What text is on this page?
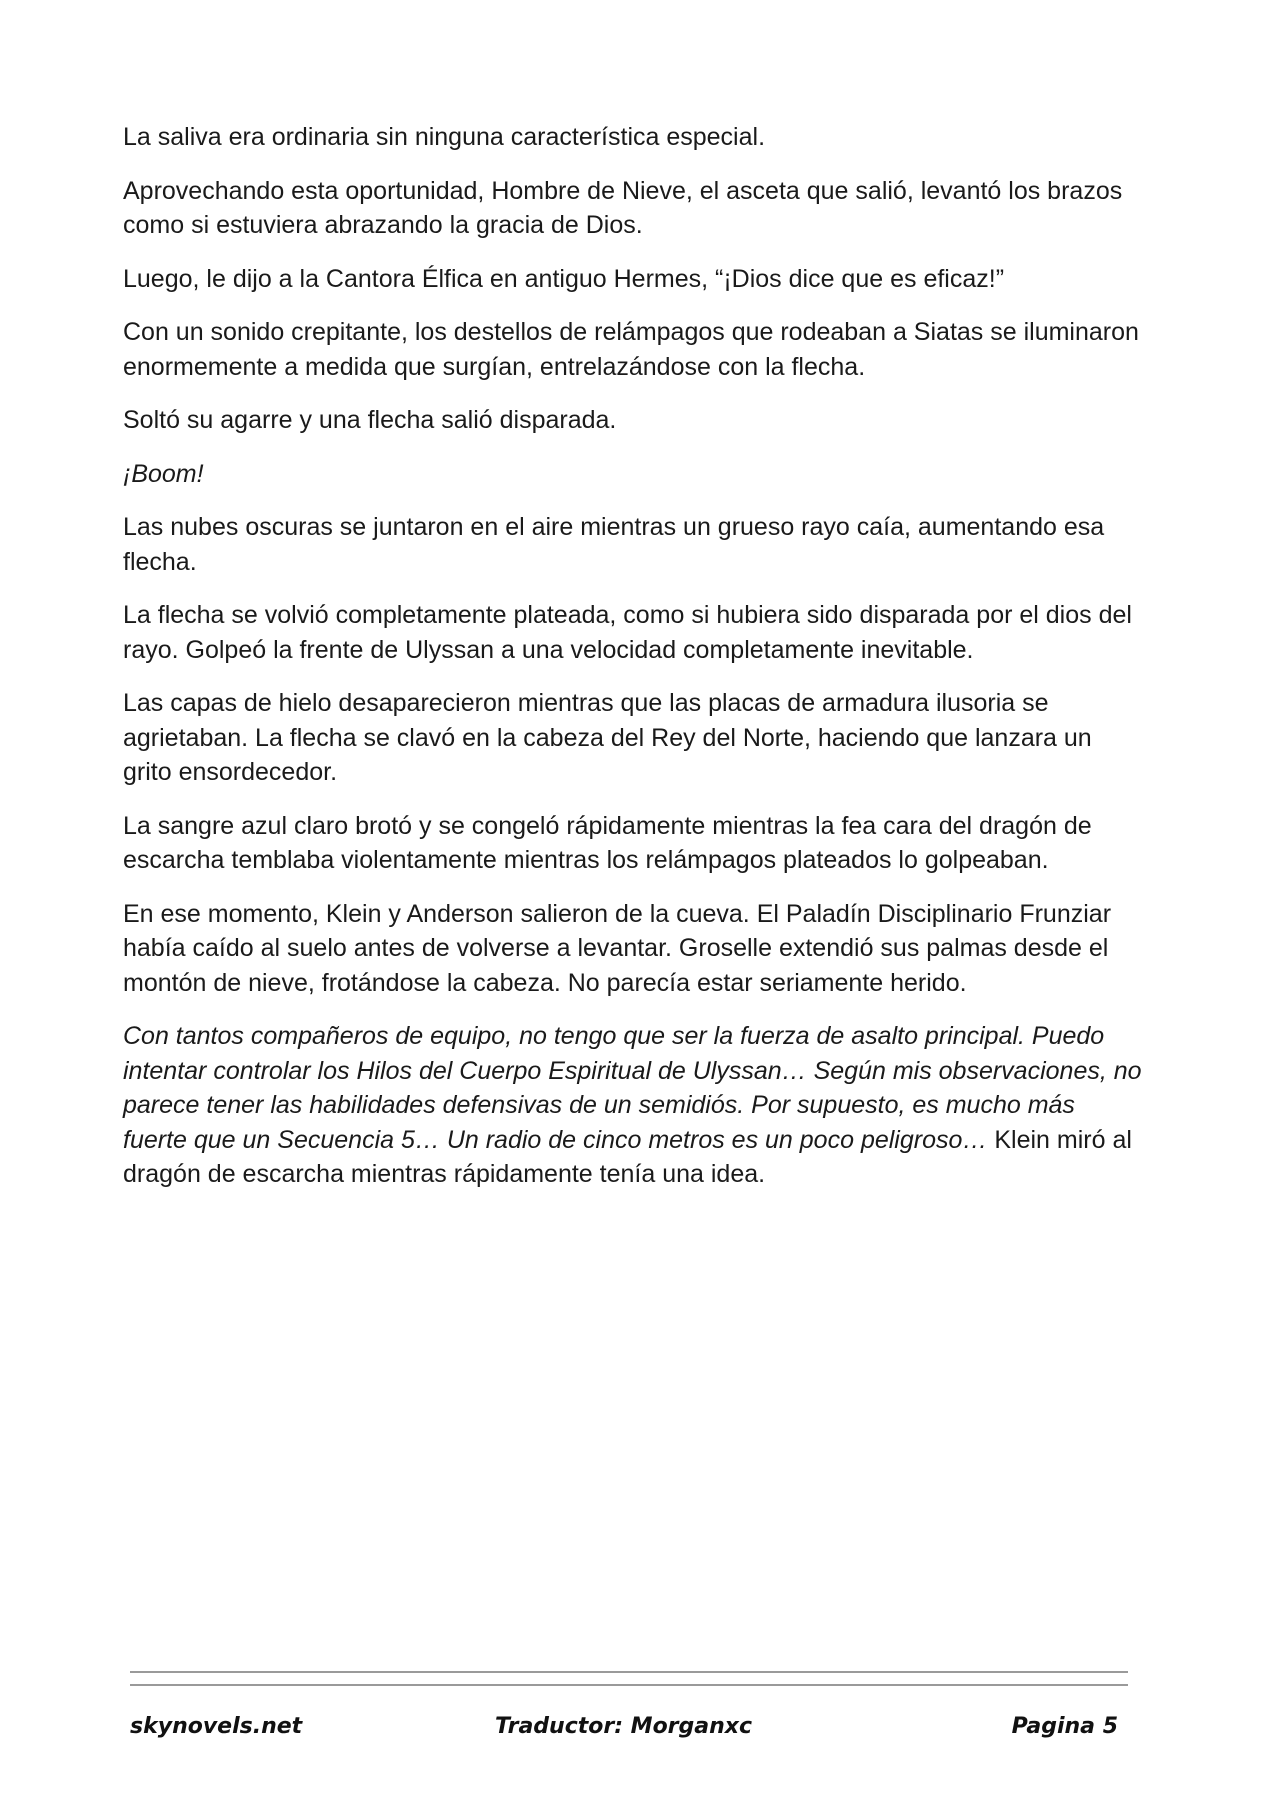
La saliva era ordinaria sin ninguna característica especial.

Aprovechando esta oportunidad, Hombre de Nieve, el asceta que salió, levantó los brazos como si estuviera abrazando la gracia de Dios.

Luego, le dijo a la Cantora Élfica en antiguo Hermes, “¡Dios dice que es eficaz!”

Con un sonido crepitante, los destellos de relámpagos que rodeaban a Siatas se iluminaron enormemente a medida que surgían, entrelazándose con la flecha.

Soltó su agarre y una flecha salió disparada.

¡Boom!

Las nubes oscuras se juntaron en el aire mientras un grueso rayo caía, aumentando esa flecha.

La flecha se volvió completamente plateada, como si hubiera sido disparada por el dios del rayo. Golpeó la frente de Ulyssan a una velocidad completamente inevitable.

Las capas de hielo desaparecieron mientras que las placas de armadura ilusoria se agrietaban. La flecha se clavó en la cabeza del Rey del Norte, haciendo que lanzara un grito ensordecedor.

La sangre azul claro brotó y se congeló rápidamente mientras la fea cara del dragón de escarcha temblaba violentamente mientras los relámpagos plateados lo golpeaban.

En ese momento, Klein y Anderson salieron de la cueva. El Paladín Disciplinario Frunziar había caído al suelo antes de volverse a levantar. Groselle extendió sus palmas desde el montón de nieve, frotándose la cabeza. No parecía estar seriamente herido.

Con tantos compañeros de equipo, no tengo que ser la fuerza de asalto principal. Puedo intentar controlar los Hilos del Cuerpo Espiritual de Ulyssan… Según mis observaciones, no parece tener las habilidades defensivas de un semidiós. Por supuesto, es mucho más fuerte que un Secuencia 5… Un radio de cinco metros es un poco peligroso… Klein miró al dragón de escarcha mientras rápidamente tenía una idea.

skynovels.net	Traductor: Morganxc	Pagina 5
